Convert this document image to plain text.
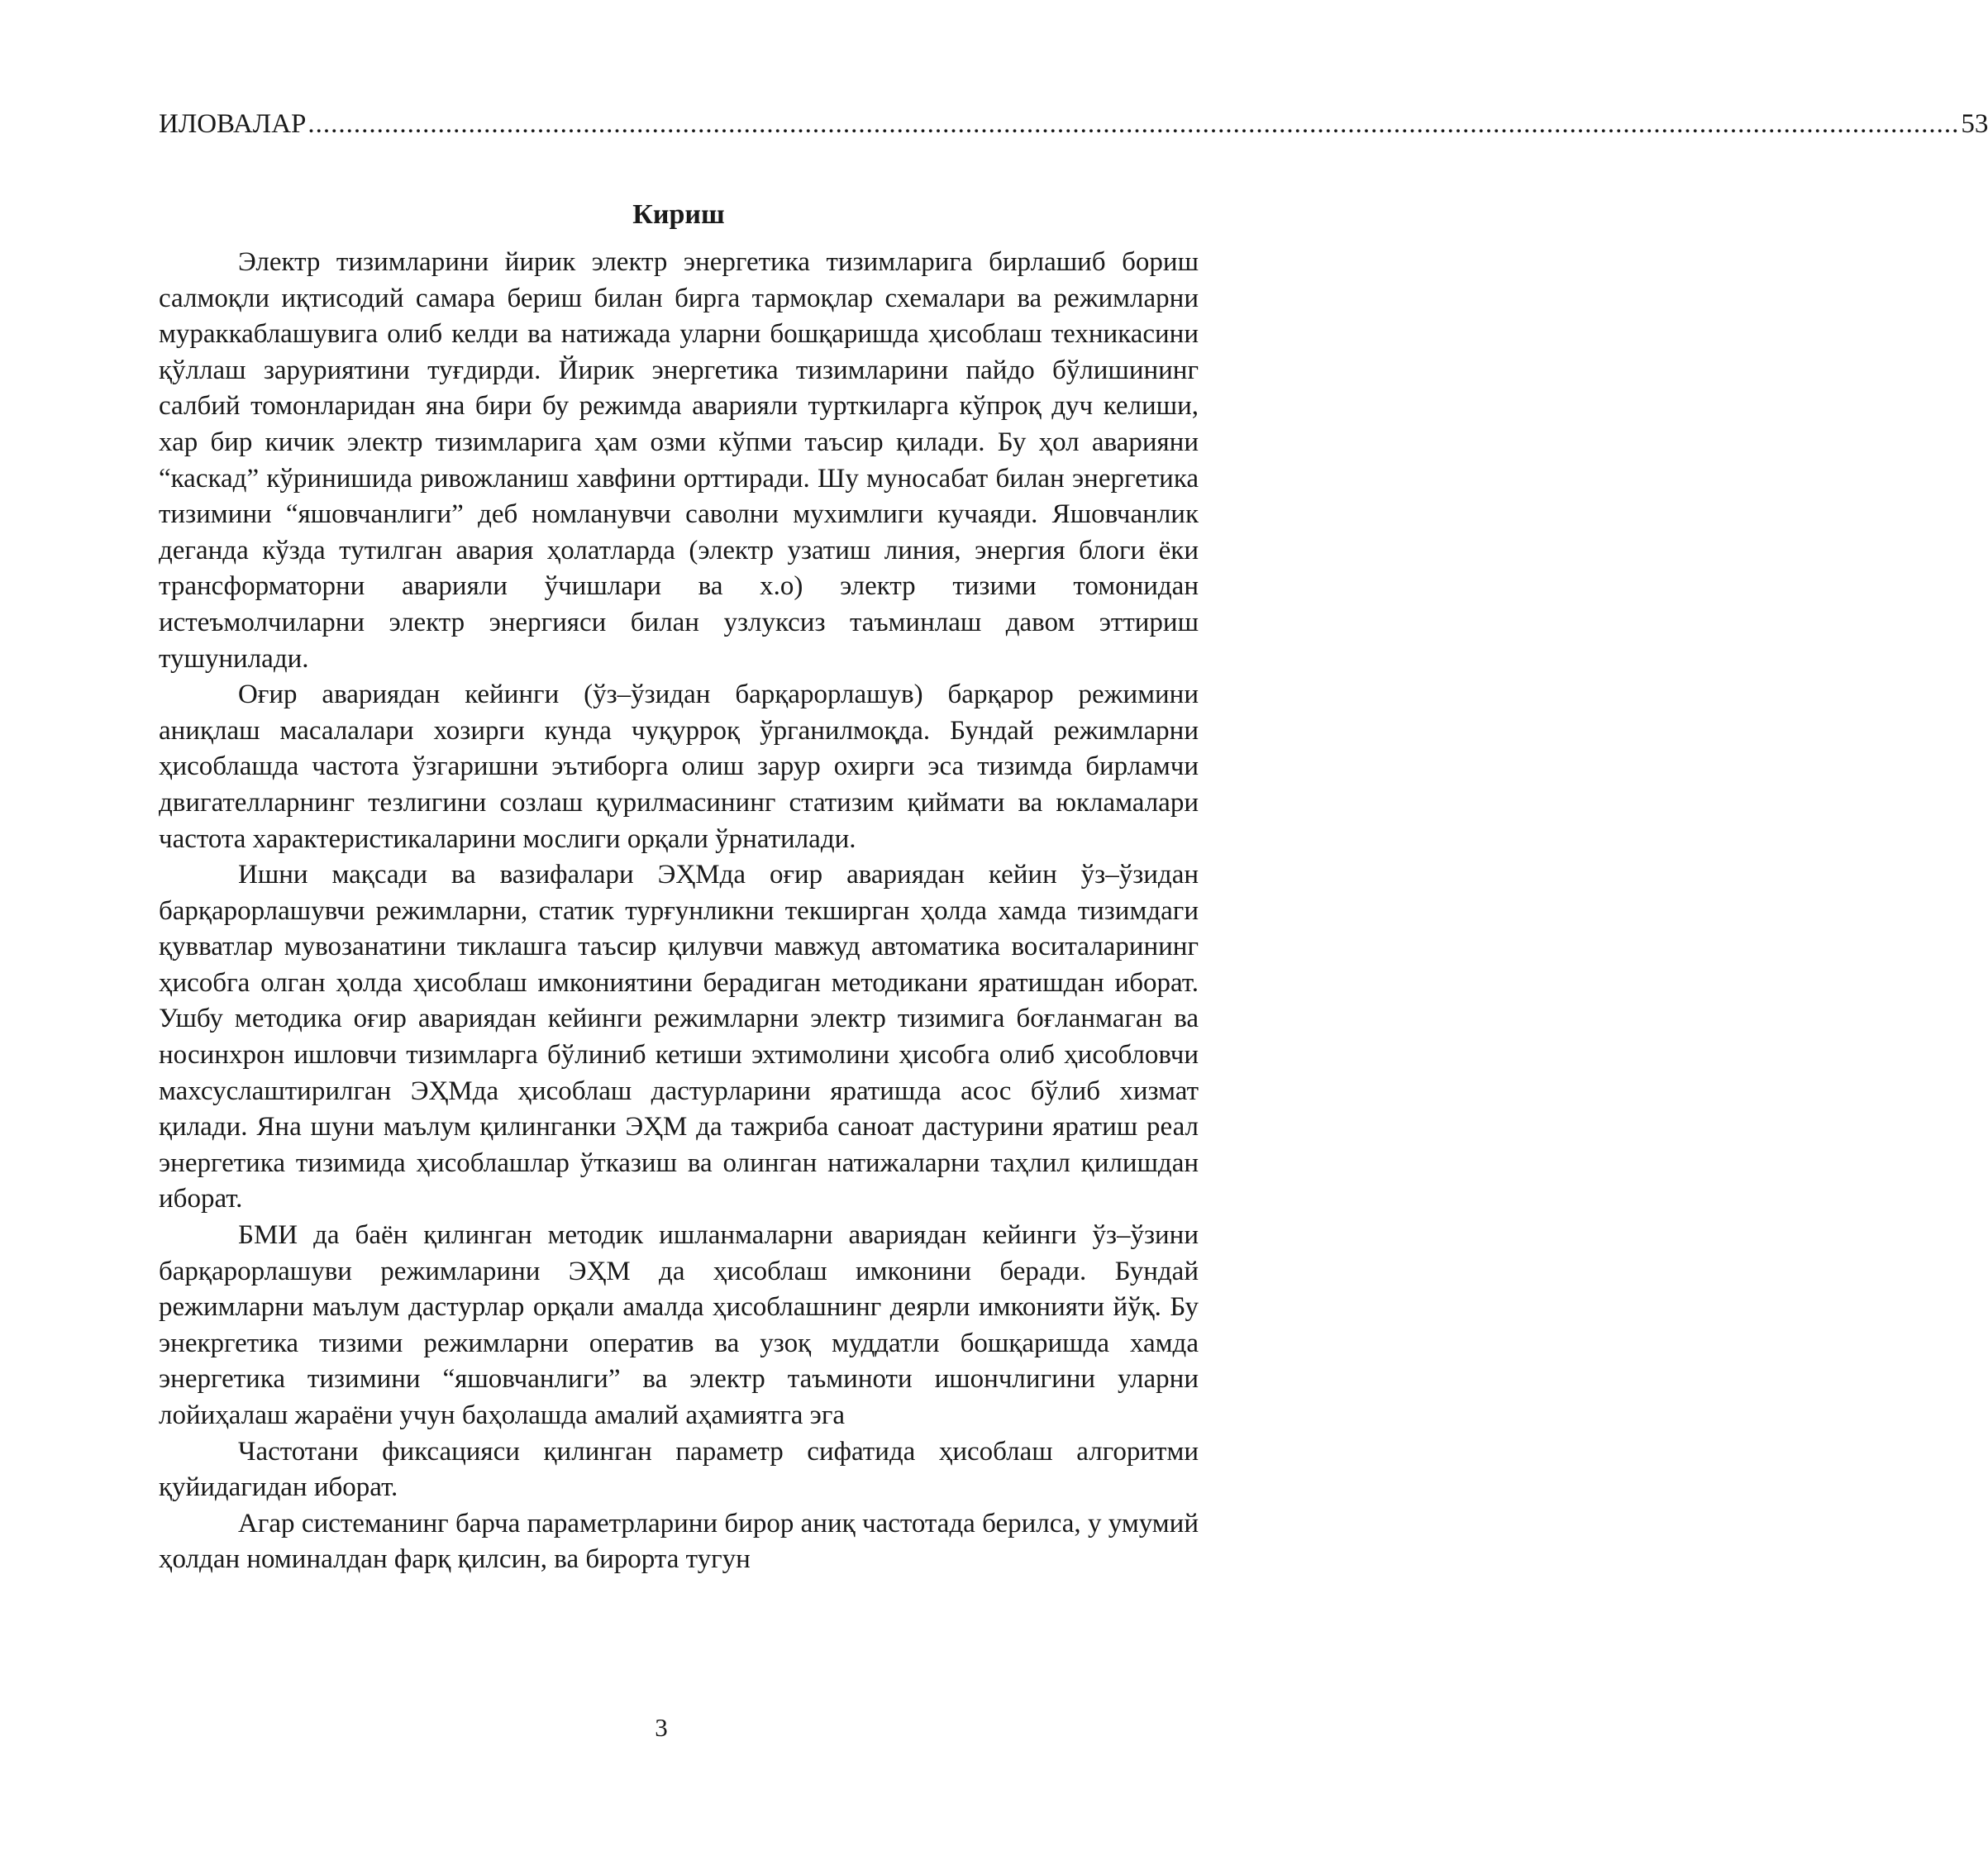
ИЛОВАЛАР ........................................................................................................................................................................................................................ 53
Кириш

Электр тизимларини йирик электр энергетика тизимларига бирлашиб бориш салмоқли иқтисодий самара бериш билан бирга тармоқлар схемалари ва режимларни мураккаблашувига олиб келди ва натижада уларни бошқаришда ҳисоблаш техникасини қўллаш заруриятини туғдирди. Йирик энергетика тизимларини пайдо бўлишининг салбий томонларидан яна бири бу режимда аварияли турткиларга кўпроқ дуч келиши, хар бир кичик электр тизимларига ҳам озми кўпми таъсир қилади. Бу ҳол аварияни “каскад” кўринишида ривожланиш хавфини орттиради. Шу муносабат билан энергетика тизимини “яшовчанлиги” деб номланувчи саволни мухимлиги кучаяди. Яшовчанлик деганда кўзда тутилган авария ҳолатларда (электр узатиш линия, энергия блоги ёки трансформаторни аварияли ўчишлари ва х.о) электр тизими томонидан истеъмолчиларни электр энергияси билан узлуксиз таъминлаш давом эттириш тушунилади.

Оғир авариядан кейинги (ўз–ўзидан барқарорлашув) барқарор режимини аниқлаш масалалари хозирги кунда чуқурроқ ўрганилмоқда. Бундай режимларни ҳисоблашда частота ўзгаришни эътиборга олиш зарур охирги эса тизимда бирламчи двигателларнинг тезлигини созлаш қурилмасининг статизим қиймати ва юкламалари частота характеристикаларини мослиги орқали ўрнатилади.

Ишни мақсади ва вазифалари ЭҲМда оғир авариядан кейин ўз–ўзидан барқарорлашувчи режимларни, статик турғунликни текширган ҳолда хамда тизимдаги қувватлар мувозанатини тиклашга таъсир қилувчи мавжуд автоматика воситаларининг ҳисобга олган ҳолда ҳисоблаш имкониятини берадиган методикани яратишдан иборат. Ушбу методика оғир авариядан кейинги режимларни электр тизимига боғланмаган ва носинхрон ишловчи тизимларга бўлиниб кетиши эхтимолини ҳисобга олиб ҳисобловчи махсуслаштирилган ЭҲМда ҳисоблаш дастурларини яратишда асос бўлиб хизмат қилади. Яна шуни маълум қилинганки ЭҲМ да тажриба саноат дастурини яратиш реал энергетика тизимида ҳисоблашлар ўтказиш ва олинган натижаларни таҳлил қилишдан иборат.

БМИ да баён қилинган методик ишланмаларни авариядан кейинги ўз–ўзини барқарорлашуви режимларини ЭҲМ да ҳисоблаш имконини беради. Бундай режимларни маълум дастурлар орқали амалда ҳисоблашнинг деярли имконияти йўқ. Бу энекргетика тизими режимларни оператив ва узоқ муддатли бошқаришда хамда энергетика тизимини “яшовчанлиги” ва электр таъминоти ишончлигини уларни лойиҳалаш жараёни учун баҳолашда амалий аҳамиятга эга

Частотани фиксацияси қилинган параметр сифатида ҳисоблаш алгоритми қуйидагидан иборат.

Агар системанинг барча параметрларини бирор аниқ частотада берилса, у умумий ҳолдан номиналдан фарқ қилсин, ва бирорта тугун

3
